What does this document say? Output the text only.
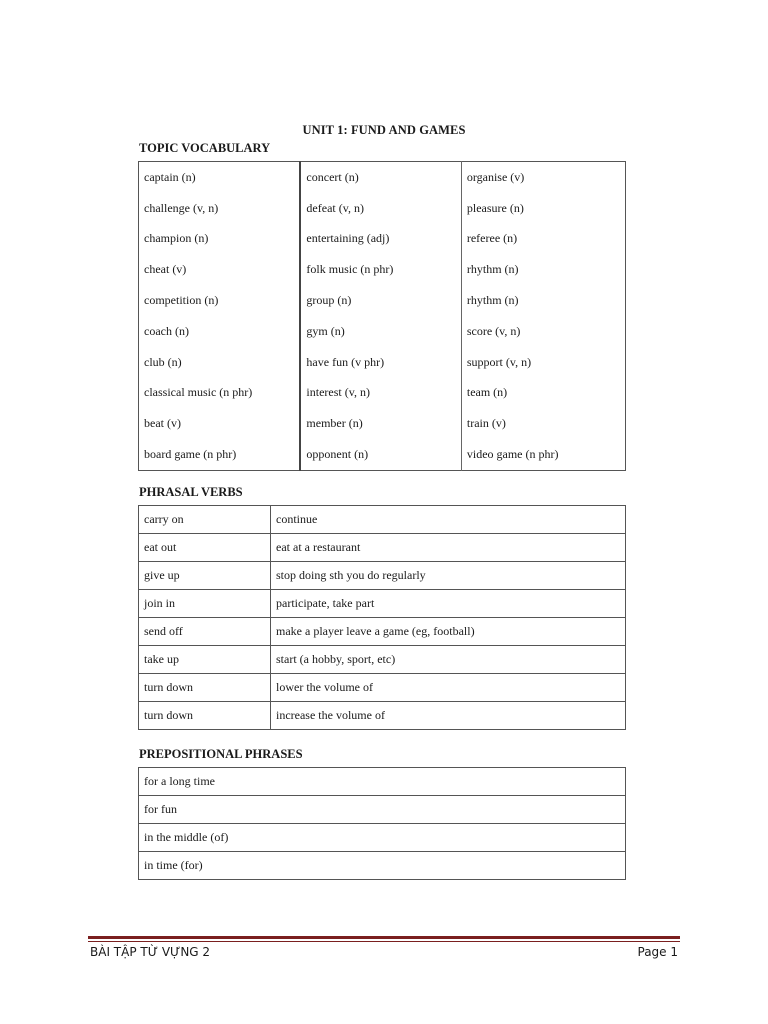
UNIT 1: FUND AND GAMES
TOPIC VOCABULARY
captain (n)	concert (n)	organise (v)
challenge (v, n)	defeat (v, n)	pleasure (n)
champion (n)	entertaining (adj)	referee (n)
cheat (v)	folk music (n phr)	rhythm (n)
competition (n)	group (n)	rhythm (n)
coach (n)	gym (n)	score (v, n)
club (n)	have fun (v phr)	support (v, n)
classical music (n phr)	interest (v, n)	team (n)
beat (v)	member (n)	train (v)
board game (n phr)	opponent (n)	video game (n phr)
PHRASAL VERBS
carry on	continue
eat out	eat at a restaurant
give up	stop doing sth you do regularly
join in	participate, take part
send off	make a player leave a game (eg, football)
take up	start (a hobby, sport, etc)
turn down	lower the volume of
turn down	increase the volume of
PREPOSITIONAL PHRASES
for a long time
for fun
in the middle (of)
in time (for)
BÀI TẬP TỪ VỰNG 2	Page 1
